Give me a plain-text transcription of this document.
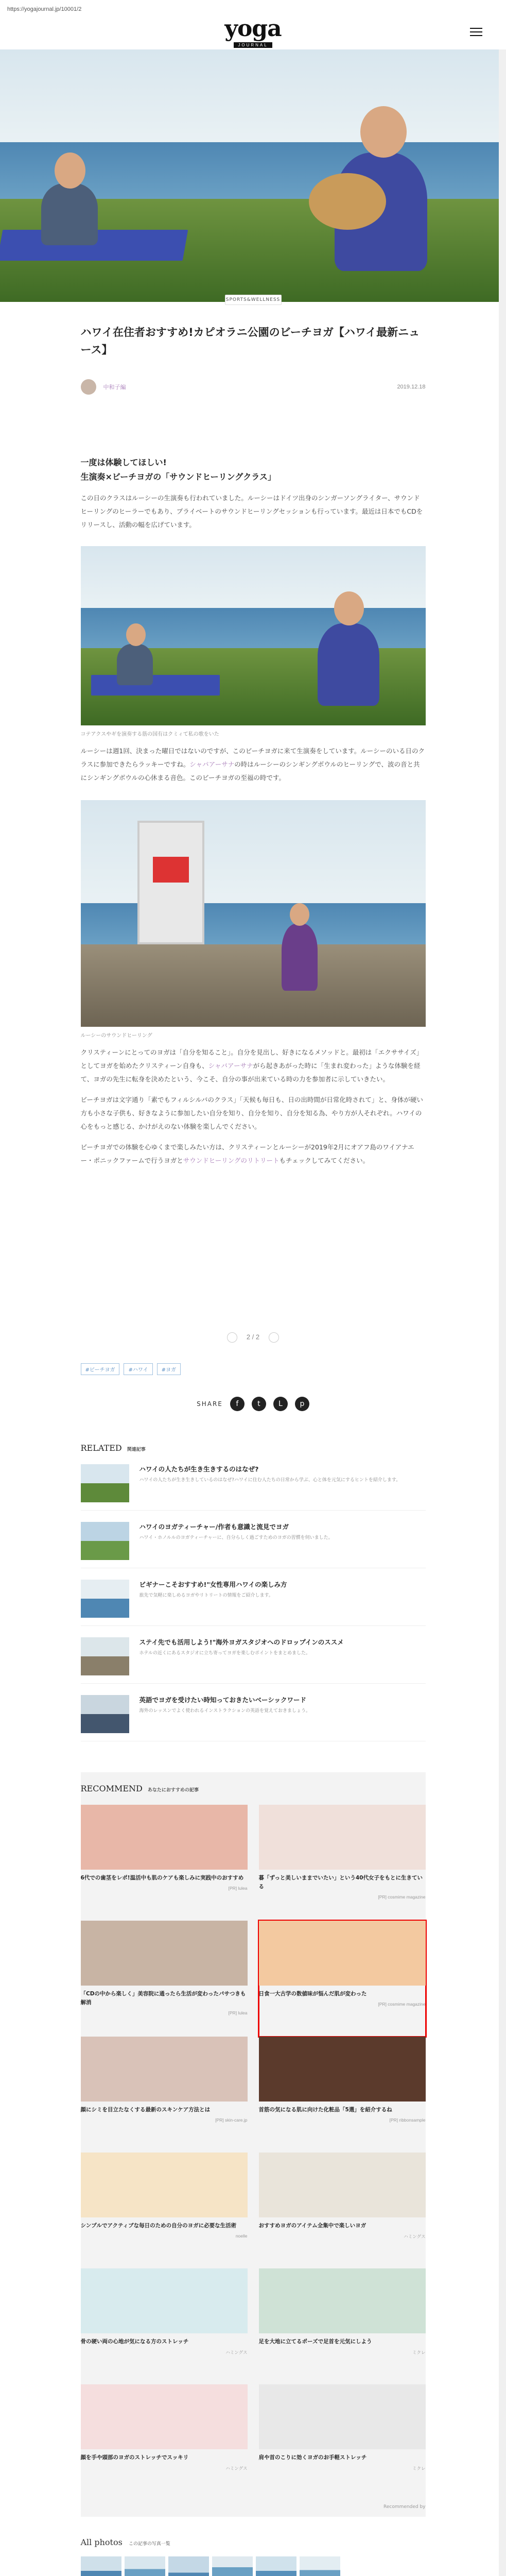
https://yogajournal.jp/10001/2
yoga
JOURNAL
SPORTS&WELLNESS
ハワイ在住者おすすめ!カピオラニ公園のビーチヨガ【ハワイ最新ニュース】
中和子編	2019.12.18
一度は体験してほしい!
生演奏×ビーチヨガの「サウンドヒーリングクラス」

この日のクラスはルーシーの生演奏も行われていました。ルーシーはドイツ出身のシンガーソングライター、サウンドヒーリングのヒーラーでもあり、プライベートのサウンドヒーリングセッションも行っています。最近は日本でもCDをリリースし、活動の幅を広げています。

コテアクスやギを演奏する筋の国有はクミィて私の歌をいた

ルーシーは週1回、決まった曜日ではないのですが、このビーチヨガに来て生演奏をしています。ルーシーのいる日のクラスに参加できたらラッキーですね。シャパアーサナの時はルーシーのシンギングボウルのヒーリングで、波の音と共にシンギングボウルの心休まる音色。このビーチヨガの至福の時です。

ルーシーのサウンドヒーリング

クリスティーンにとってのヨガは「自分を知ること」。自分を見出し、好きになるメソッドと。最初は「エクササイズ」としてヨガを始めたクリスティーン自身も、シャバアーサナがら起きあがった時に「生まれ変わった」ような体験を経て、ヨガの先生に転身を決めたという、今こそ、自分の事が出来ている時の力を参加者に示していきたい。

ビーチヨガは文字通り「素でもフィルシルバのクラス」「天候も毎日も、日の出時間が日常化時されて」と、身体が硬い方も小さな子供も、好きなように参加したい自分を知り、自分を知り、自分を知る為、やり方が人それぞれ。ハワイの心をもっと感じる、かけがえのない体験を楽しんでください。

ビーチヨガでの体験を心ゆくまで楽しみたい方は、クリスティーンとルーシーが2019年2月にオアフ島のワイアナエー・ポニックファームで行うヨガとサウンドヒーリングのリトリートもチェックしてみてください。

2 / 2
#ビーチヨガ	#ハワイ	#ヨガ
SHARE	f	t	L	p
RELATED 関連記事
ハワイの人たちが生き生きするのはなぜ?
ハワイの人たちが生き生きしているのはなぜ?ハワイに住む人たちの日常から学ぶ、心と体を元気にするヒントを紹介します。
ハワイのヨガティーチャー/作者も意識と流見でヨガ
ハワイ・ホノルルのヨガティーチャーに、自分らしく過ごすためのヨガの習慣を伺いました。
ビギナーこそおすすめ!"女性専用ハワイの楽しみ方
旅先で気軽に楽しめるヨガやリトリートの情報をご紹介します。
ステイ先でも活用しよう!"海外ヨガスタジオへのドロップインのススメ
ホテルの近くにあるスタジオに立ち寄ってヨガを楽しむポイントをまとめました。
英語でヨガを受けたい時知っておきたいベーシックワード
海外のレッスンでよく使われるインストラクションの英語を覚えておきましょう。
RECOMMEND あなたにおすすめの記事
6代での歯茎をレポ!温活中も肌のケアも楽しみに実践中のおすすめ
[PR] lulea
暮「ずっと美しいままでいたい」という40代女子をもとに生きている
[PR] cosmime magazine
「CDの中から楽しく」美容院に通ったら生活が変わったパサつきも解消
[PR] lulea
日食一大古学の数値味が悩んだ肌が変わった
[PR] cosmime magazine
顔にシミを目立たなくする最新のスキンケア方法とは
[PR] skin-care.jp
首筋の気になる肌に向けた化粧品「5選」を紹介するね
[PR] ribbonsample
シンプルでアクティブな毎日のための自分のヨガに必要な生活術
noelle
おすすめヨガのアイテム全集中で楽しいヨガ
ハミングス
骨の硬い両の心地が気になる方のストレッチ
ハミングス
足を大地に立てるポーズで足首を元気にしよう
ミクレ
顔を手や頭部のヨガのストレッチでスッキリ
ハミングス
肩や首のこりに効くヨガのお手軽ストレッチ
ミクレ
Recommended by
All photos この記事の写真一覧
